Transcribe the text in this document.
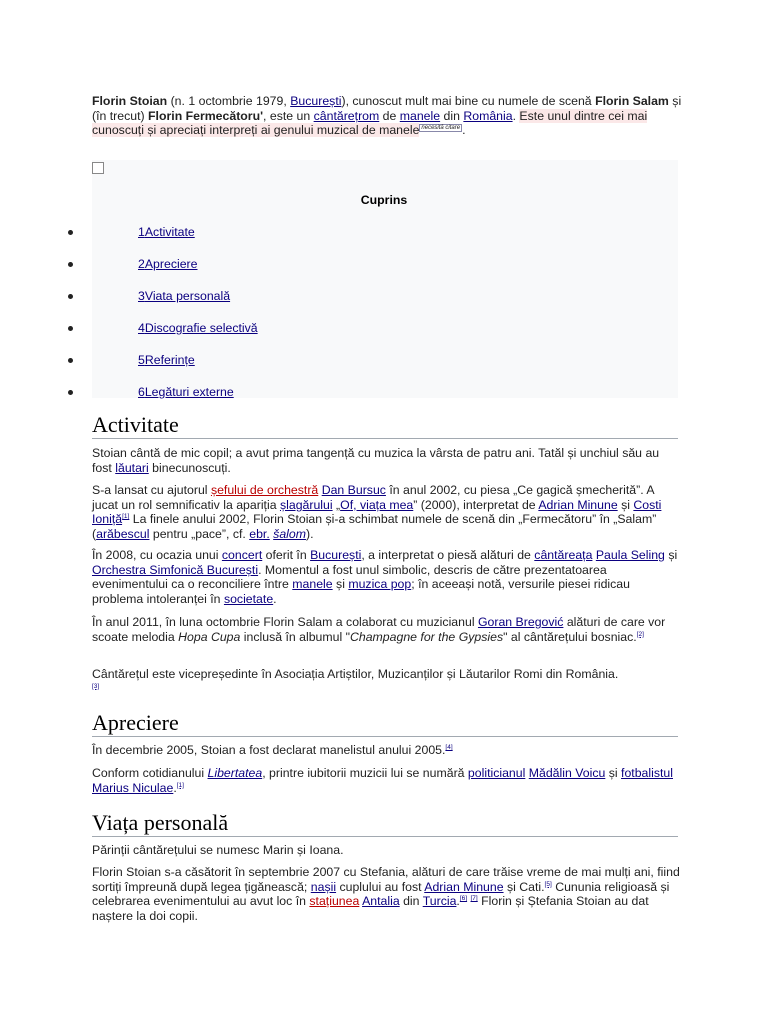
Florin Stoian (n. 1 octombrie 1979, București), cunoscut mult mai bine cu numele de scenă Florin Salam și (în trecut) Florin Fermecătoru', este un cântărețrom de manele din România. Este unul dintre cei mai cunoscuți și apreciați interpreți ai genului muzical de manele $^{necesită citare}$ .

Cuprins
1Activitate
2Apreciere
3Viata personală
4Discografie selectivă
5Referințe
6Legături externe
Activitate

Stoian cântă de mic copil; a avut prima tangență cu muzica la vârsta de patru ani. Tatăl și unchiul său au fost lăutari binecunoscuți.

S-a lansat cu ajutorul șefului de orchestră Dan Bursuc în anul 2002, cu piesa „Ce gagică șmecherită”. A jucat un rol semnificativ la apariția șlagărului „Of, viața mea” (2000), interpretat de Adrian Minune și Costi Ioniță[1] La finele anului 2002, Florin Stoian și-a schimbat numele de scenă din „Fermecătoru” în „Salam” (arăbescul pentru „pace”, cf. ebr. šalom).

În 2008, cu ocazia unui concert oferit în București, a interpretat o piesă alături de cântăreața Paula Seling și Orchestra Simfonică București. Momentul a fost unul simbolic, descris de către prezentatoarea evenimentului ca o reconciliere între manele și muzica pop; în aceeași notă, versurile piesei ridicau problema intoleranței în societate.

În anul 2011, în luna octombrie Florin Salam a colaborat cu muzicianul Goran Bregović alături de care vor scoate melodia Hopa Cupa inclusă în albumul "Champagne for the Gypsies" al cântărețului bosniac.[2]

Cântărețul este vicepreședinte în Asociația Artiștilor, Muzicanților și Lăutarilor Romi din România.
[3]

Apreciere

În decembrie 2005, Stoian a fost declarat manelistul anului 2005.[4]

Conform cotidianului Libertatea, printre iubitorii muzicii lui se numără politicianul Mădălin Voicu și fotbalistul Marius Niculae.[1]

Viața personală

Părinții cântărețului se numesc Marin și Ioana.

Florin Stoian s-a căsătorit în septembrie 2007 cu Stefania, alături de care trăise vreme de mai mulți ani, fiind sortiți împreună după legea țigănească; nașii cuplului au fost Adrian Minune și Cati.[5] Cununia religioasă și celebrarea evenimentului au avut loc în stațiunea Antalia din Turcia.[6] [7] Florin și Ștefania Stoian au dat naștere la doi copii.
